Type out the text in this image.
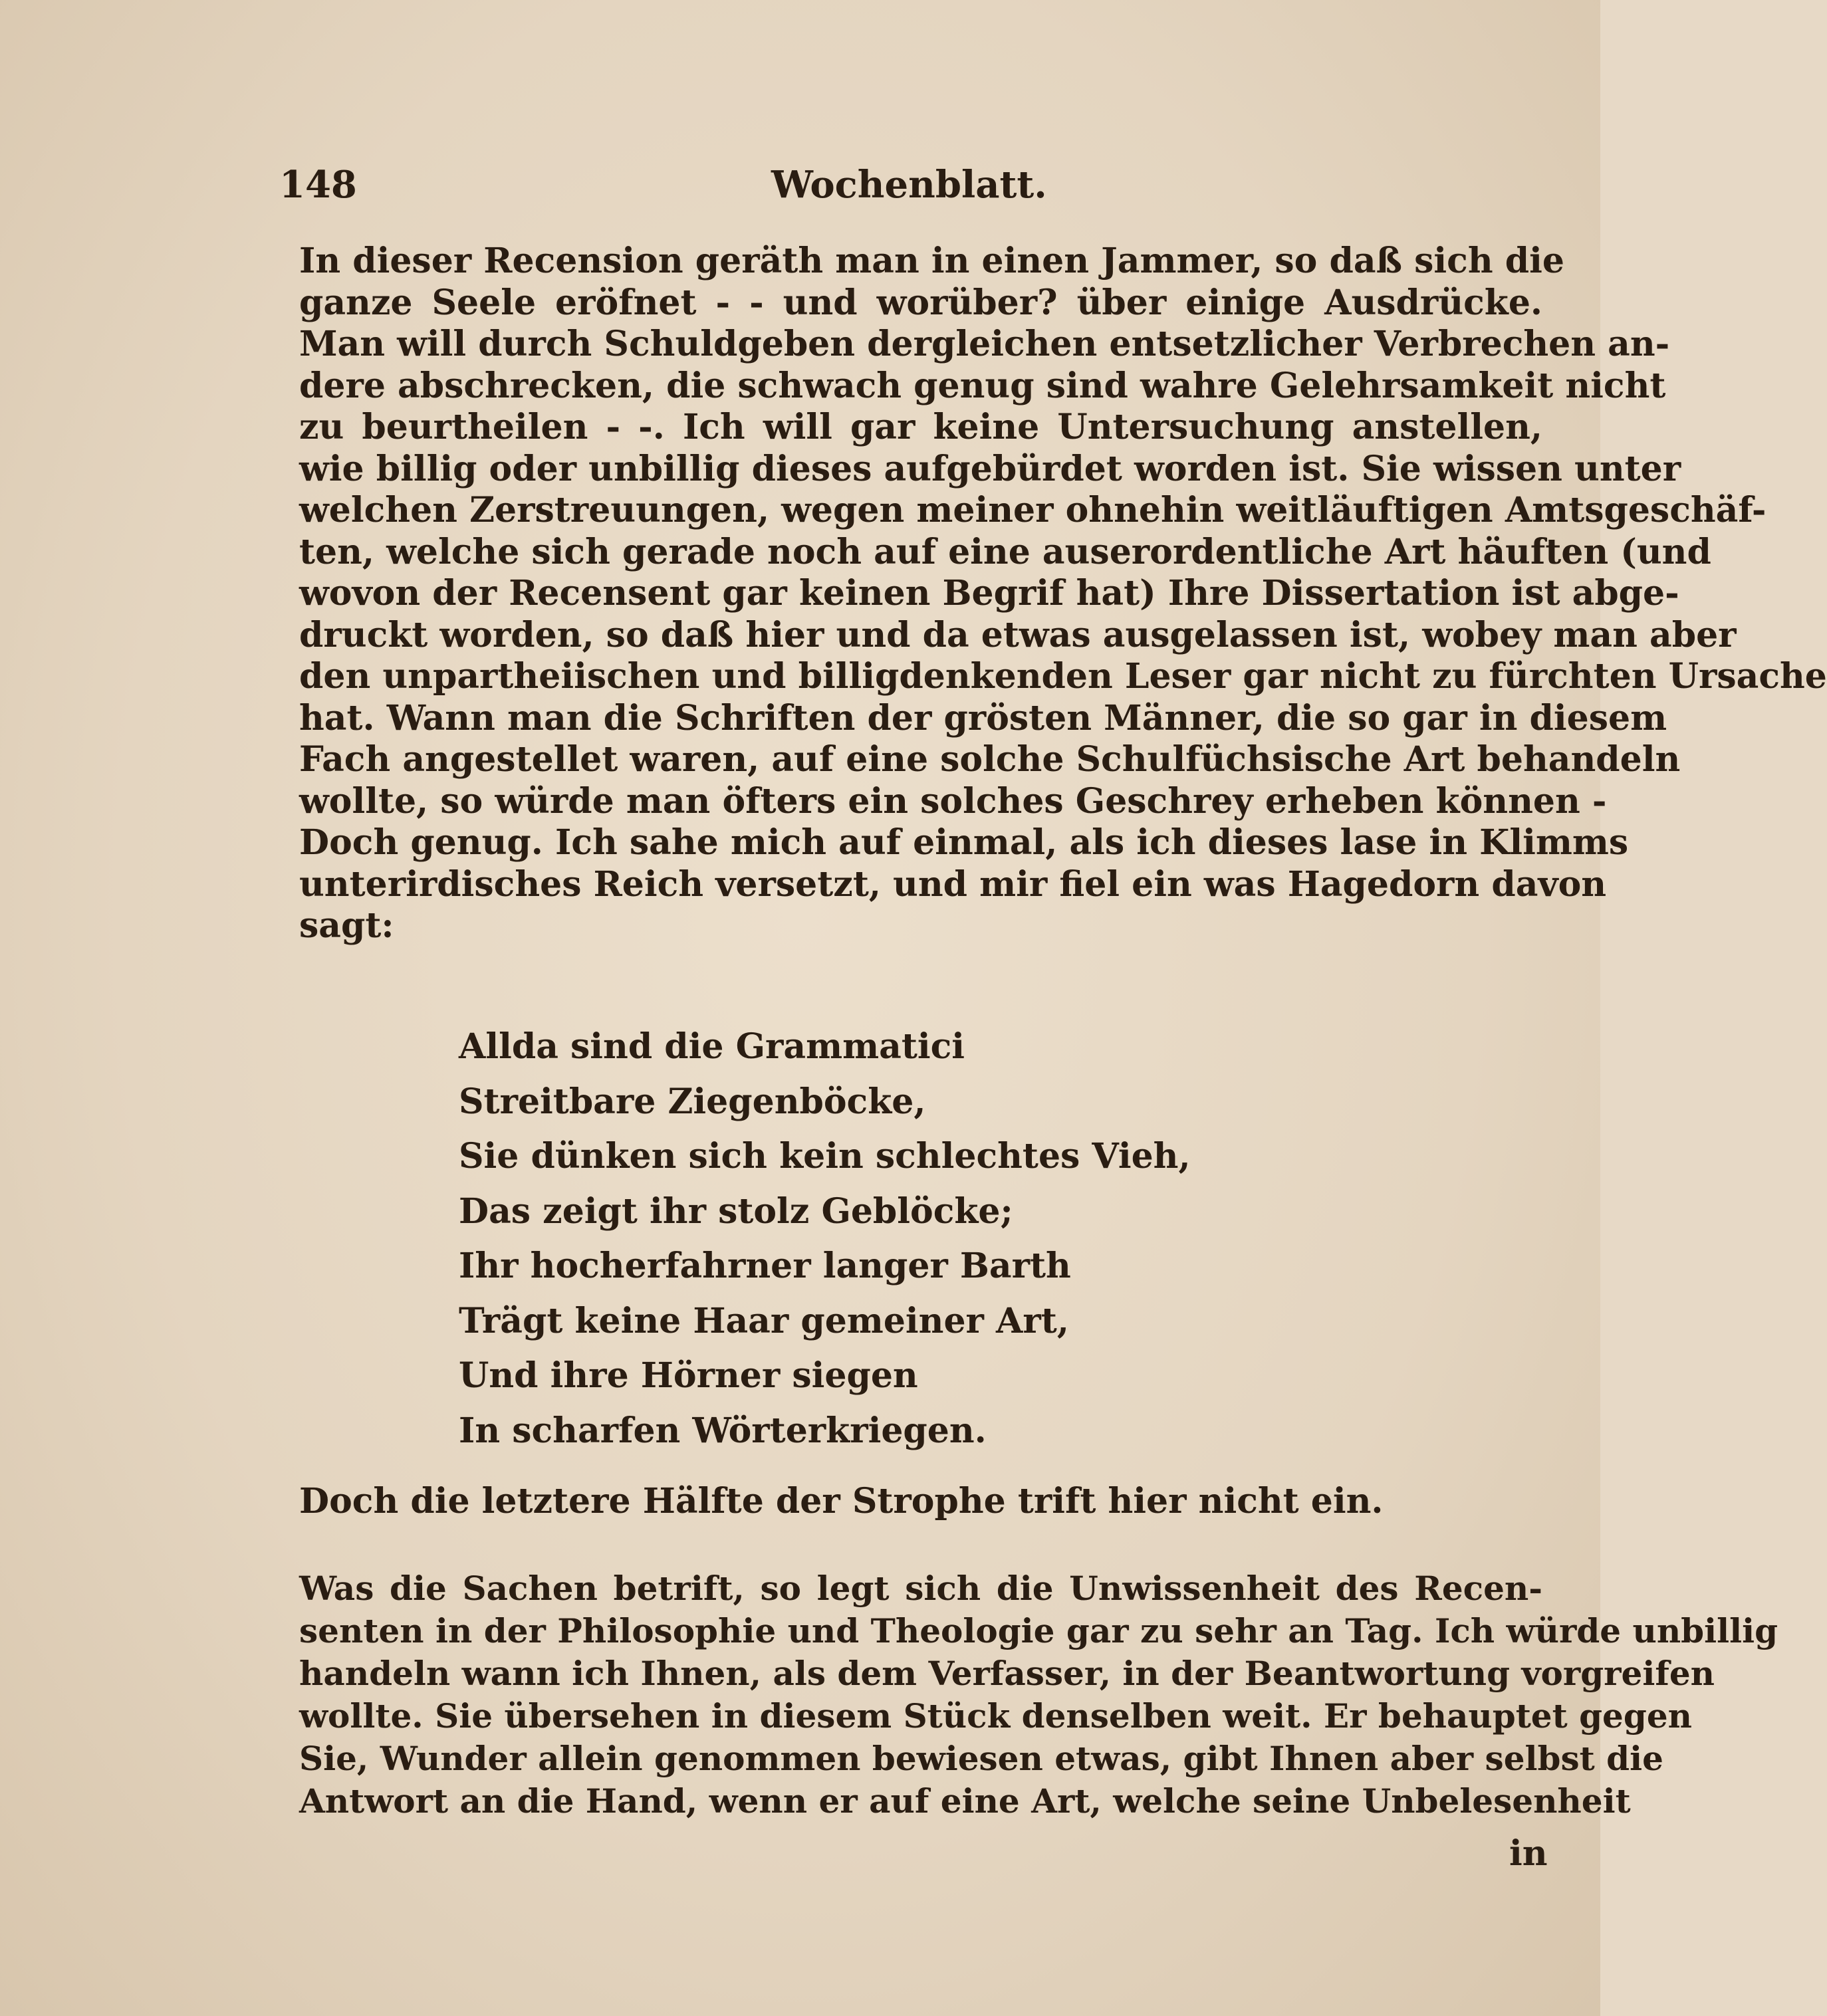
148	Wochenblatt.
In dieser Recension geräth man in einen Jammer, so daß sich die
ganze Seele eröfnet - - und worüber? über einige Ausdrücke.
Man will durch Schuldgeben dergleichen entsetzlicher Verbrechen an-
dere abschrecken, die schwach genug sind wahre Gelehrsamkeit nicht
zu beurtheilen - -. Ich will gar keine Untersuchung anstellen,
wie billig oder unbillig dieses aufgebürdet worden ist. Sie wissen unter
welchen Zerstreuungen, wegen meiner ohnehin weitläuftigen Amtsgeschäf-
ten, welche sich gerade noch auf eine auserordentliche Art häuften (und
wovon der Recensent gar keinen Begrif hat) Ihre Dissertation ist abge-
druckt worden, so daß hier und da etwas ausgelassen ist, wobey man aber
den unpartheiischen und billigdenkenden Leser gar nicht zu fürchten Ursache
hat. Wann man die Schriften der grösten Männer, die so gar in diesem
Fach angestellet waren, auf eine solche Schulfüchsische Art behandeln
wollte, so würde man öfters ein solches Geschrey erheben können -
Doch genug. Ich sahe mich auf einmal, als ich dieses lase in Klimms
unterirdisches Reich versetzt, und mir fiel ein was Hagedorn davon
sagt:
Allda sind die Grammatici
Streitbare Ziegenböcke,
Sie dünken sich kein schlechtes Vieh,
Das zeigt ihr stolz Geblöcke;
Ihr hocherfahrner langer Barth
Trägt keine Haar gemeiner Art,
Und ihre Hörner siegen
In scharfen Wörterkriegen.
Doch die letztere Hälfte der Strophe trift hier nicht ein.
Was die Sachen betrift, so legt sich die Unwissenheit des Recen-
senten in der Philosophie und Theologie gar zu sehr an Tag. Ich würde unbillig
handeln wann ich Ihnen, als dem Verfasser, in der Beantwortung vorgreifen
wollte. Sie übersehen in diesem Stück denselben weit. Er behauptet gegen
Sie, Wunder allein genommen bewiesen etwas, gibt Ihnen aber selbst die
Antwort an die Hand, wenn er auf eine Art, welche seine Unbelesenheit
in
